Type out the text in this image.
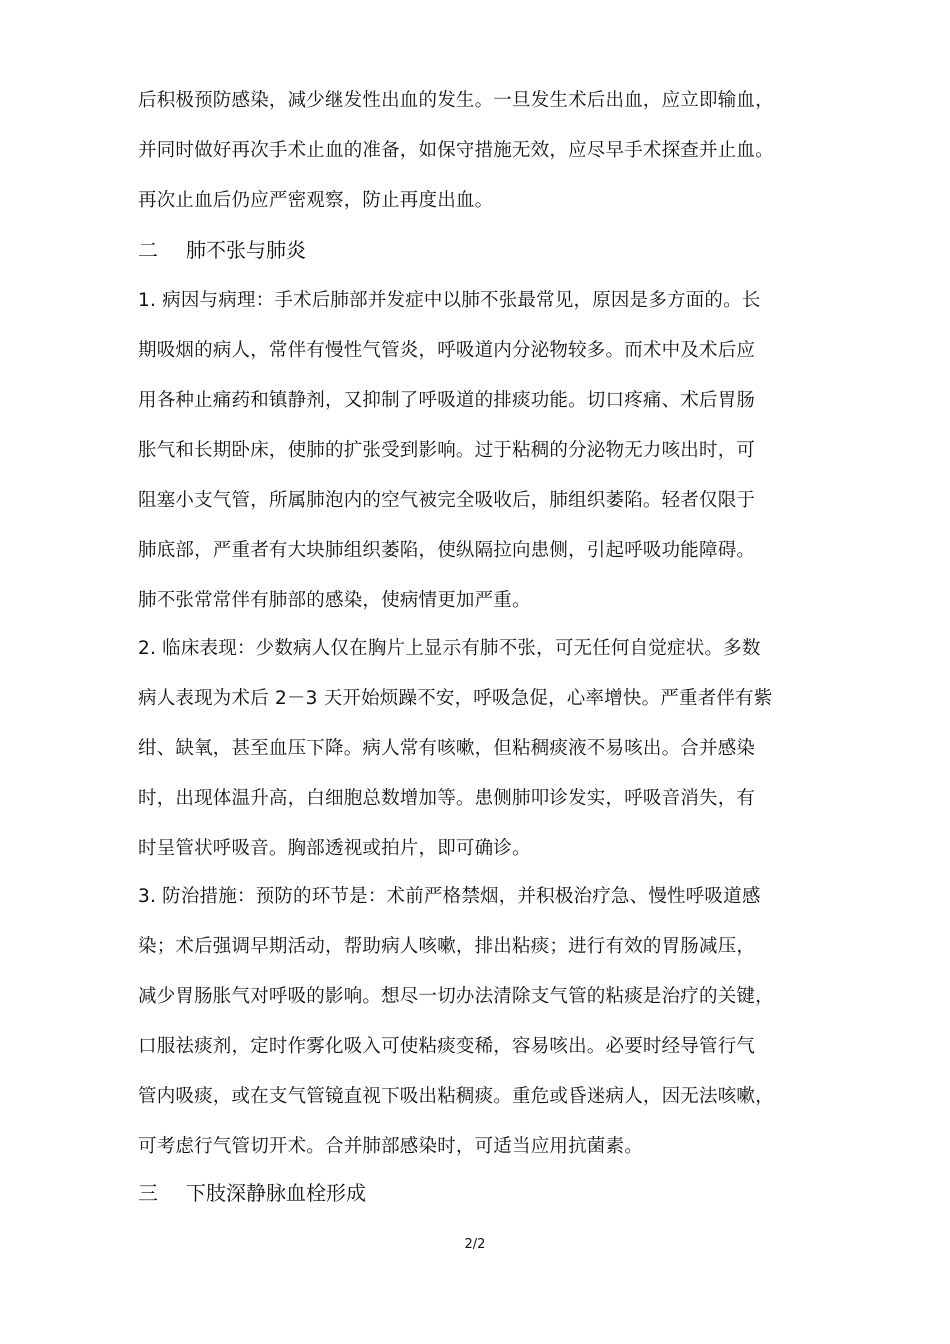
后积极预防感染，减少继发性出血的发生。一旦发生术后出血，应立即输血，
并同时做好再次手术止血的准备，如保守措施无效，应尽早手术探查并止血。
再次止血后仍应严密观察，防止再度出血。
二 肺不张与肺炎
1. 病因与病理：手术后肺部并发症中以肺不张最常见，原因是多方面的。长
期吸烟的病人，常伴有慢性气管炎，呼吸道内分泌物较多。而术中及术后应
用各种止痛药和镇静剂，又抑制了呼吸道的排痰功能。切口疼痛、术后胃肠
胀气和长期卧床，使肺的扩张受到影响。过于粘稠的分泌物无力咳出时，可
阻塞小支气管，所属肺泡内的空气被完全吸收后，肺组织萎陷。轻者仅限于
肺底部，严重者有大块肺组织萎陷，使纵隔拉向患侧，引起呼吸功能障碍。
肺不张常常伴有肺部的感染，使病情更加严重。
2. 临床表现：少数病人仅在胸片上显示有肺不张，可无任何自觉症状。多数
病人表现为术后 2－3 天开始烦躁不安，呼吸急促，心率增快。严重者伴有紫
绀、缺氧，甚至血压下降。病人常有咳嗽，但粘稠痰液不易咳出。合并感染
时，出现体温升高，白细胞总数增加等。患侧肺叩诊发实，呼吸音消失，有
时呈管状呼吸音。胸部透视或拍片，即可确诊。
3. 防治措施：预防的环节是：术前严格禁烟，并积极治疗急、慢性呼吸道感
染；术后强调早期活动，帮助病人咳嗽，排出粘痰；进行有效的胃肠减压，
减少胃肠胀气对呼吸的影响。想尽一切办法清除支气管的粘痰是治疗的关键，
口服祛痰剂，定时作雾化吸入可使粘痰变稀，容易咳出。必要时经导管行气
管内吸痰，或在支气管镜直视下吸出粘稠痰。重危或昏迷病人，因无法咳嗽，
可考虑行气管切开术。合并肺部感染时，可适当应用抗菌素。
三 下肢深静脉血栓形成
2/2
